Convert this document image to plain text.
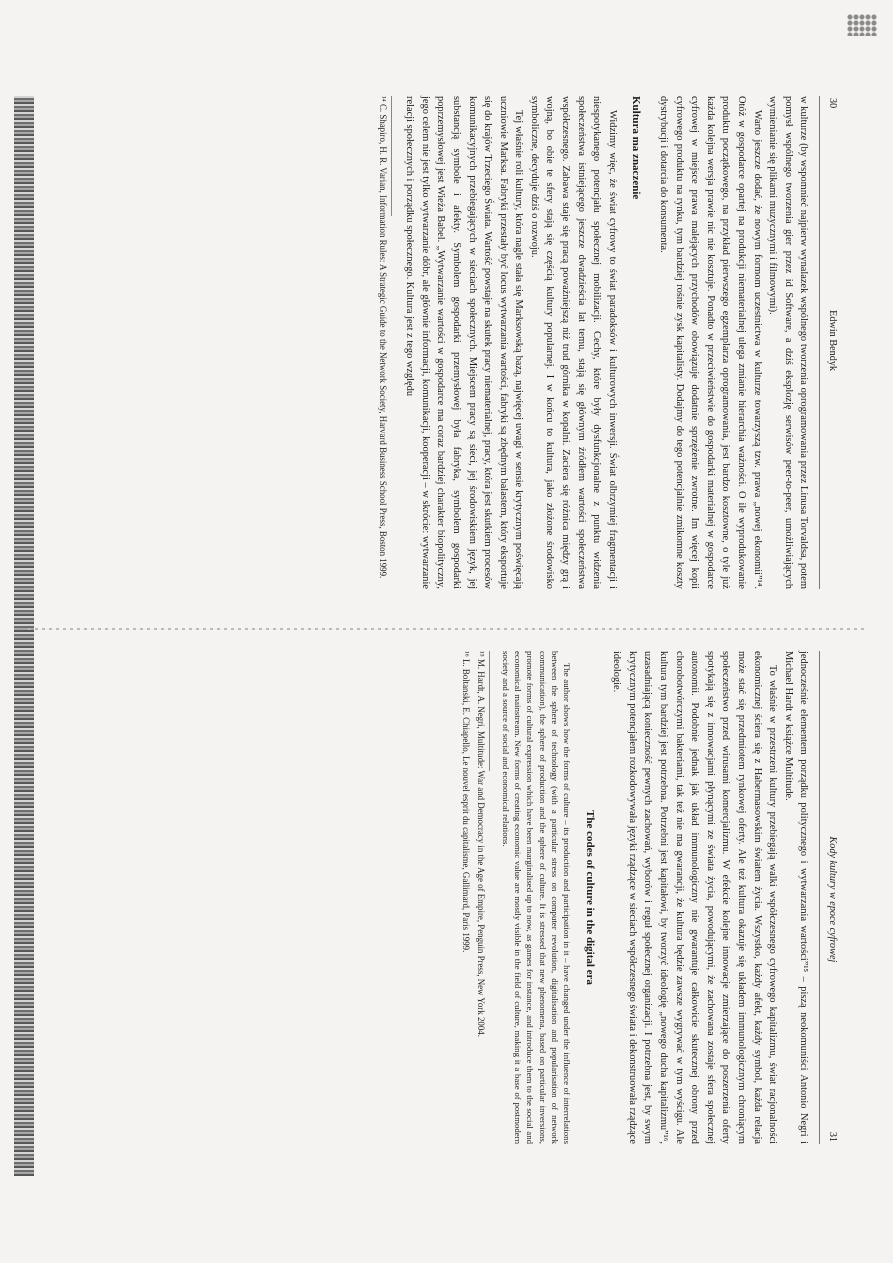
30
Edwin Bendyk

w kulturze (by wspomnieć najpierw wynalazek wspólnego tworzenia oprogramowania przez Linusa Torvaldsa, potem pomysł wspólnego tworzenia gier przez id Software, a dziś eksplozję serwisów peer-to-peer, umożliwiających wymienianie się plikami muzycznymi i filmowymi).

Warto jeszcze dodać, że nowym formom uczestnictwa w kulturze towarzyszą tzw. prawa „nowej ekonomii”¹⁴. Otóż w gospodarce opartej na produkcji niematerialnej ulega zmianie hierarchia ważności. O ile wyprodukowanie produktu początkowego, na przykład pierwszego egzemplarza oprogramowania, jest bardzo kosztowne, o tyle już każda kolejna wersja prawie nic nie kosztuje. Ponadto w przeciwieństwie do gospodarki materialnej w gospodarce cyfrowej w miejsce prawa malejących przychodów obowiązuje dodatnie sprzężenie zwrotne. Im więcej kopii cyfrowego produktu na rynku, tym bardziej rośnie zysk kapitalisty. Dodajmy do tego potencjalnie zmikomne koszty dystrybucji i dotarcia do konsumenta.

Kultura ma znaczenie

Widzimy więc, że świat cyfrowy to świat paradoksów i kulturowych inwersji. Świat olbrzymiej fragmentacji i niespotykanego potencjału społecznej mobilizacji. Cechy, które były dysfunkcjonalne z punktu widzenia społeczeństwa istniejącego jeszcze dwadzieścia lat temu, stają się głównym źródłem wartości społeczeństwa współczesnego. Zabawa staje się pracą poważniejszą niż trud górnika w kopalni. Zaciera się różnica między grą i wojną, bo obie te sfery stają się częścią kultury popularnej. I w końcu to kultura, jako złożone środowisko symboliczne, decyduje dziś o rozwoju.

Tej właśnie roli kultury, która nagle stała się Marksowską bazą, najwięcej uwagi w sensie krytycznym poświęcają uczniowie Marksa. Fabryki przestały być locus wytwarzania wartości, fabryki są zbędnym balastem, który eksportuje się do krajów Trzeciego Świata. Wartość powstaje na skutek pracy niematerialnej, pracy, która jest skutkiem procesów komunikacyjnych przebiegających w sieciach społecznych. Miejscem pracy są sieci, jej środowiskiem język, jej substancją symbole i afekty. Symbolem gospodarki przemysłowej była fabryka, symbolem gospodarki poprzemysłowej jest Wieża Babel. „Wytwarzanie wartości w gospodarce ma coraz bardziej charakter biopolityczny, jego celem nie jest tylko wytwarzanie dóbr, ale głównie informacji, komunikacji, kooperacji – w skrócie: wytwarzanie relacji społecznych i porządku społecznego. Kultura jest z tego względu

¹⁴ C. Shapiro, H. R. Varian, Information Rules: A Strategic Guide to the Network Society, Harvard Business School Press, Boston 1999.

Kody kultury w epoce cyfrowej
31

jednocześnie elementem porządku politycznego i wytwarzania wartości”¹⁵ – piszą neokomuniści Antonio Negri i Michael Hardt w książce Multitude.

To właśnie w przestrzeni kultury przebiegają walki współczesnego cyfrowego kapitalizmu, świat racjonalności ekonomicznej ściera się z Habermasowskim światem życia. Wszystko, każdy afekt, każdy symbol, każda relacja może stać się przedmiotem rynkowej oferty. Ale też kultura okazuje się układem immunologicznym chroniącym społeczeństwo przed wirusami komercjalizmu. W efekcie kolejne innowacje zmierzające do poszerzenia oferty spotykają się z innowacjami płynącymi ze świata życia, powodującymi, że zachowana zostaje sfera społecznej autonomii. Podobnie jednak jak układ immunologiczny nie gwarantuje całkowicie skutecznej obrony przed chorobotwórczymi bakteriami, tak też nie ma gwarancji, że kultura będzie zawsze wygrywać w tym wyścigu. Ale kultura tym bardziej jest potrzebna. Potrzebni jest kapitałowi, by tworzyć ideologię „nowego ducha kapitalizmu”¹⁶, uzasadniającą konieczność pewnych zachowań, wyborów i reguł społecznej organizacji. I potrzebna jest, by swym krytycznym potencjałem rozkodowywała języki rządzące w sieciach współczesnego świata i dekonstruowała rządzące ideologie.

The codes of culture in the digital era

The author shows how the forms of culture – its production and participation in it – have changed under the influence of interrelations between the sphere of technology (with a particular stress on computer revolution, digitalisation and popularisation of network communication), the sphere of production and the sphere of culture. It is stressed that new phenomena, based on particular inversions, promote forms of cultural expression which have been marginalised up to now, as games for instance, and introduce them to the social and economical mainstream. New forms of creating economic value are mostly visible in the field of culture, making it a base of postmodern society and a source of social and economical relations.

¹⁵ M. Hardt, A. Negri, Multitude: War and Democracy in the Age of Empire, Penguin Press, New York 2004.

¹⁶ L. Boltanski, E. Chiapello, Le nouvel esprit du capitalisme, Gallimard, Paris 1999.
